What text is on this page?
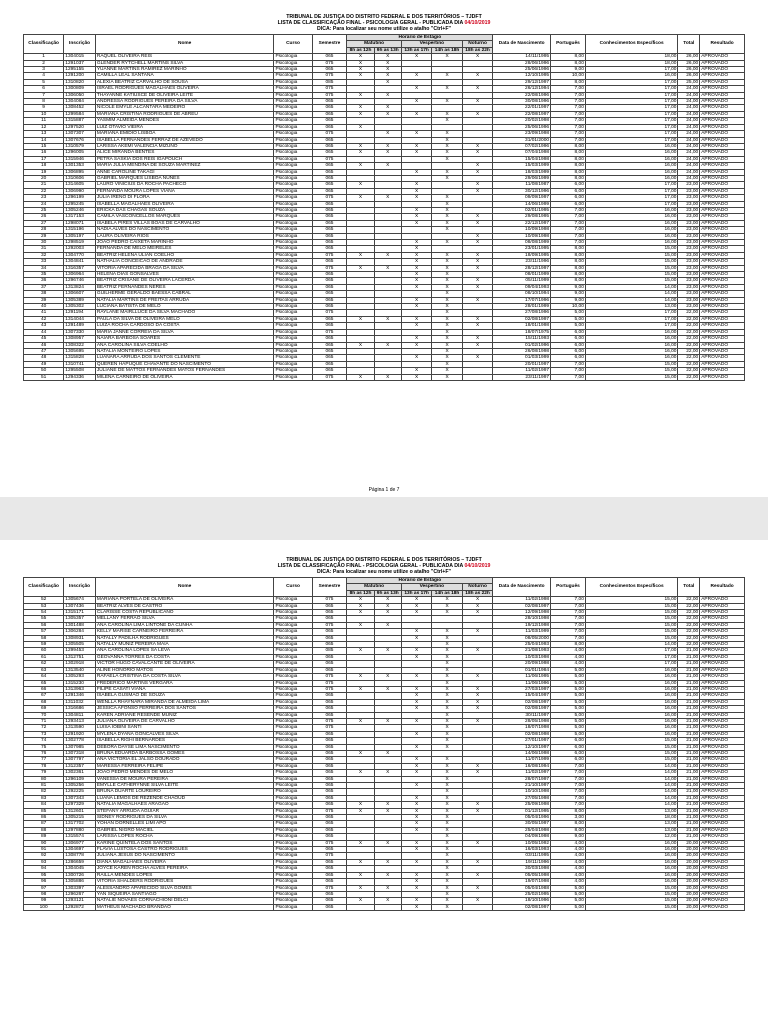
TRIBUNAL DE JUSTIÇA DO DISTRITO FEDERAL E DOS TERRITÓRIOS – TJDFT
LISTA DE CLASSIFICAÇÃO FINAL - PSICOLOGIA GERAL - PUBLICADA DIA 04/10/2019
DICA: Para localizar seu nome utilize o atalho "Ctrl+F"
Classificação	Inscrição	Nome	Curso	Semestre	Horário de Estágio					Data de Nascimento	Português	Conhecimentos Específicos	Total	Resultado
					Matutino		Vespertino		Noturno					
					8h as 12h	9h as 13h	13h as 17h	14h as 18h	18h as 22h					
1	1304015	RAQUEL OLIVEIRA REIS	Psicologia	065	X	X	X	X	X	14/11/1995	8,00	18,00	26,00	APROVADO
2	1291037	GLENDER RYTCHELL MARTINS SILVA	Psicologia	075	X	X				28/06/1996	8,00	18,00	26,00	APROVADO
3	1295155	YUANNE MARTINS RAMIREZ MARINHO	Psicologia	065	X	X				25/06/1996	9,00	17,00	26,00	APROVADO
4	1291200	CAMILLA LEAL SANTANA	Psicologia	075	X	X	X	X	X	12/10/1995	10,00	16,00	26,00	APROVADO
5	1310820	ALEXIA BEATRIZ CARVALHO DE SOUSA	Psicologia	085		X				29/12/1997	8,00	17,00	25,00	APROVADO
6	1300809	ISRAEL RODRIGUES MAGALHAES OLIVEIRA	Psicologia	075			X	X	X	26/12/1994	7,00	17,00	24,00	APROVADO
7	1306050	THAYANNE KATIUSCE DE OLIVEIRA LEITE	Psicologia	075	X	X				22/08/1996	7,00	17,00	24,00	APROVADO
8	1304084	ANDRESSA RODRIGUES PEREIRA DA SILVA	Psicologia	065			X	X	X	30/08/1996	7,00	17,00	24,00	APROVADO
9	1308452	NICOLE EMYLE ALCANTARA MEDEIRO	Psicologia	065	X	X				22/01/1997	7,00	17,00	24,00	APROVADO
10	1299584	MARIANA CRISTINA RODRIGUES DE ABREU	Psicologia	065	X	X	X	X	X	22/08/1997	7,00	17,00	24,00	APROVADO
11	1315887	YASMIM ALMEIDA MENDES	Psicologia	065				X		20/02/1998	7,00	17,00	24,00	APROVADO
12	1297520	LUIZ OTAVIO VIEIRA	Psicologia	065	X					25/06/1996	7,00	17,00	24,00	APROVADO
13	1307307	MARIANA EMIDIO LISBOA	Psicologia	075		X	X	X		23/09/1998	7,00	17,00	24,00	APROVADO
14	1307676	ISABELLA FERNANDES FERRAZ DE AZEVEDO	Psicologia	065				X		31/01/2000	7,00	17,00	24,00	APROVADO
15	1310579	LARISSA AKEMI VALENCIA MIZUNO	Psicologia	065	X	X	X	X	X	07/02/1996	8,00	16,00	24,00	APROVADO
16	1296005	ALICE MIRANDA BENTES	Psicologia	065	X	X	X	X	X	07/04/1998	8,00	16,00	24,00	APROVADO
17	1315946	PETRA SASKIA DOS REIS IGAPOUCH	Psicologia	075				X		15/04/1998	8,00	16,00	24,00	APROVADO
18	1301353	MARIA JULIA MENDINA DE SOUZA MARTINEZ	Psicologia	065	X	X			X	15/03/1999	8,00	16,00	24,00	APROVADO
19	1306895	ANNE CAROLINE TAKAGI	Psicologia	065			X	X	X	18/03/1999	8,00	16,00	24,00	APROVADO
20	1310606	GABRIEL MARQUES LISBOA NUNES	Psicologia	065				X		29/06/1999	8,00	16,00	24,00	APROVADO
21	1314605	LAURO VINICIUS DA ROCHA PACHECO	Psicologia	065	X		X		X	11/08/1987	6,00	17,00	23,00	APROVADO
22	1306990	FERNANDA MOURA LOPES VIANA	Psicologia	065			X		X	30/12/1996	6,00	17,00	23,00	APROVADO
23	1296199	JULIA IRENO DI FLORA	Psicologia	075	X	X	X	X		09/09/1997	6,00	17,00	23,00	APROVADO
24	1295245	ISABELLA MAGALHAES OLIVEIRA	Psicologia	065				X		14/06/1999	6,00	17,00	23,00	APROVADO
25	1305246	ERICKA DAS CHAGAS SOUZA	Psicologia	065			X	X		02/01/1995	7,00	16,00	23,00	APROVADO
26	1317153	CAMILA VASCONCELLOS MARQUES	Psicologia	065			X	X	X	29/08/1995	7,00	16,00	23,00	APROVADO
27	1298071	ISABELA PIRES VILLAS BOAS DE CARVALHO	Psicologia	065			X	X	X	22/12/1997	7,00	16,00	23,00	APROVADO
28	1315196	NADIA ALVES DO NASCIMENTO	Psicologia	065				X		10/09/1998	7,00	16,00	23,00	APROVADO
29	1305197	LAURA OLIVEIRA RIOS	Psicologia	065					X	10/09/1998	7,00	16,00	23,00	APROVADO
30	1298519	JOAO PEDRO CAIXETA MARINHO	Psicologia	065			X	X	X	08/08/1999	7,00	16,00	23,00	APROVADO
31	1292003	FERNANDA DE MELO MEIRELES	Psicologia	065			X			23/01/1995	8,00	15,00	23,00	APROVADO
32	1304770	BEATRIZ HELENA ULIAN COELHO	Psicologia	075	X	X	X	X	X	18/09/1995	8,00	15,00	23,00	APROVADO
33	1304841	NATHALIA CONCEICAO DE ANDRADE	Psicologia	065			X	X	X	23/11/1996	8,00	15,00	23,00	APROVADO
34	1316357	VITORIA APARECIDA BRAGA DA SILVA	Psicologia	075	X	X	X	X	X	28/12/1997	8,00	15,00	23,00	APROVADO
35	1306964	HELENA DIAS GONSALVES	Psicologia	065			X	X		08/01/1999	8,00	15,00	23,00	APROVADO
36	1296746	BEATRIZ CRISANE DE OLIVEIRA LACERDA	Psicologia	065			X	X	X	05/11/1999	8,00	15,00	23,00	APROVADO
37	1313824	BEATRIZ FERNANDES NERES	Psicologia	065			X	X	X	09/04/1993	9,00	14,00	23,00	APROVADO
38	1306607	GUILHERME GERALDO BAESSA CABRAL	Psicologia	065				X		08/10/1994	9,00	14,00	23,00	APROVADO
39	1305389	NATALIA MARTINS DE FREITAS ARRUDA	Psicologia	065			X	X	X	17/07/1996	9,00	14,00	23,00	APROVADO
40	1305302	LUCIANA BATISTA DE MELO	Psicologia	065			X	X		28/01/1999	10,00	13,00	23,00	APROVADO
41	1291194	RAYLANE MAIRLLUCE DA SILVA MACHADO	Psicologia	075				X		27/08/1996	5,00	17,00	22,00	APROVADO
42	1314044	PAULA DA SILVA DE OLIVEIRA MELO	Psicologia	065	X	X	X	X	X	02/08/1997	5,00	17,00	22,00	APROVADO
43	1291489	LUIZA ROCHA CARDOSO DA COSTA	Psicologia	065			X	X	X	18/01/1998	5,00	17,00	22,00	APROVADO
44	1307330	MARIA JANNE CORREIA DA SILVA	Psicologia	075				X		18/07/1975	6,00	16,00	22,00	APROVADO
45	1308957	NAIARA BARBOSA SOARES	Psicologia	065			X	X	X	15/11/1993	6,00	16,00	22,00	APROVADO
46	1308322	ANA CAROLINA SILVA COELHO	Psicologia	065	X	X	X	X	X	01/02/1996	6,00	16,00	22,00	APROVADO
47	1305695	NATALIA MONTEIRO LOPES	Psicologia	065				X		26/08/1998	6,00	16,00	22,00	APROVADO
48	1315828	LUANARA ARRUDA DOS SANTOS CLEMENTE	Psicologia	065			X	X	X	01/03/1999	6,00	16,00	22,00	APROVADO
49	1310741	QUEREN HAPUQUE CHAVANTE DO NASCIMENTO	Psicologia	065				X		20/01/1997	7,00	15,00	22,00	APROVADO
50	1295508	JULIANE DE MATTOS FERNANDES MATOS FERNANDES	Psicologia	065			X	X		11/02/1997	7,00	15,00	22,00	APROVADO
51	1294336	MILENA CARNEIRO DE OLIVEIRA	Psicologia	075	X	X	X	X		23/11/1997	7,00	15,00	22,00	APROVADO
Página 1 de 7
TRIBUNAL DE JUSTIÇA DO DISTRITO FEDERAL E DOS TERRITÓRIOS – TJDFT
LISTA DE CLASSIFICAÇÃO FINAL - PSICOLOGIA GERAL - PUBLICADA DIA 04/10/2019
DICA: Para localizar seu nome utilize o atalho "Ctrl+F"
Classificação	Inscrição	Nome	Curso	Semestre	Horário de Estágio					Data de Nascimento	Português	Conhecimentos Específicos	Total	Resultado
					Matutino		Vespertino		Noturno					
					8h as 12h	9h as 13h	13h as 17h	14h as 18h	18h as 22h					
52	1305674	MARIANA PORTELA DE OLIVEIRA	Psicologia	075	X	X	X	X	X	11/02/1998	7,00	15,00	22,00	APROVADO
53	1307436	BEATRIZ ALVES DE CASTRO	Psicologia	065	X	X	X	X	X	02/08/1997	7,00	15,00	22,00	APROVADO
54	1315171	CLARISSE COSTA REPUBLICANO	Psicologia	065	X	X	X	X	X	12/09/1998	7,00	15,00	22,00	APROVADO
55	1305357	MELLANY FERRAO SILVA	Psicologia	065						28/10/1998	7,00	15,00	22,00	APROVADO
56	1301488	ANA CAROLINA LIMA LINTONE DA CUNHA	Psicologia	075	X	X				19/12/1998	7,00	15,00	22,00	APROVADO
57	1306284	KELLY MARISE CARNEIRO FERREIRA	Psicologia	065			X	X	X	11/03/1999	7,00	15,00	22,00	APROVADO
58	1308931	NATALLY PADILHA RODRIGUES	Psicologia	065			X	X		08/05/2000	7,00	15,00	22,00	APROVADO
59	1305505	NATALLY MUNIZ PEREIRA MAIA	Psicologia	065				X		25/04/1993	8,00	14,00	22,00	APROVADO
60	1299453	ANA CAROLINA LOPES SA LEVA	Psicologia	085	X	X	X	X	X	21/08/1993	4,00	17,00	21,00	APROVADO
61	1312751	GEOVANNA TORRES DA COSTA	Psicologia	065			X	X		10/03/1998	4,00	17,00	21,00	APROVADO
62	1302918	VICTOR HUGO CAVALCANTE DE OLIVEIRA	Psicologia	065				X		20/09/1998	4,00	17,00	21,00	APROVADO
63	1313540	ALINE HONORIO MATOS	Psicologia	065				X		01/01/1984	5,00	16,00	21,00	APROVADO
64	1305293	RAFAELA CRISTINA DA COSTA SILVA	Psicologia	075	X	X	X	X	X	11/06/1995	5,00	16,00	21,00	APROVADO
65	1315230	FREDERICO MARTINS VERGARA	Psicologia	075				X		11/06/1996	5,00	16,00	21,00	APROVADO
66	1313963	FILIPE CASATI VIANA	Psicologia	075	X	X	X	X	X	27/03/1997	5,00	16,00	21,00	APROVADO
67	1291346	ISABELA GUSMAO DE SOUZA	Psicologia	065			X	X	X	15/04/1997	5,00	16,00	21,00	APROVADO
68	1311032	WENLLA RHAYNARA MIRANDA DE ALMEIDA LIMA	Psicologia	065			X	X	X	02/08/1997	5,00	16,00	21,00	APROVADO
69	1316686	JESSICA AFONSO FERREIRA DOS SANTOS	Psicologia	065			X	X	X	02/08/1997	5,00	16,00	21,00	APROVADO
70	1304811	KAREN ADRIANE RESENDE MUNIZ	Psicologia	065				X		30/11/1997	5,00	16,00	21,00	APROVADO
71	1293413	JULIANA OLIVEIRA DE CARVALHO	Psicologia	075	X	X	X	X	X	28/05/1998	5,00	16,00	21,00	APROVADO
72	1313590	LUISA IOBINI SANTI	Psicologia	075				X		18/07/1998	5,00	16,00	21,00	APROVADO
73	1291920	MYLENA DYANA GONCALVES SILVA	Psicologia	065			X	X		02/08/1998	5,00	16,00	21,00	APROVADO
74	1302778	ISABELLA RIGHI BERNARDES	Psicologia	065				X		27/01/1997	6,00	15,00	21,00	APROVADO
75	1307985	DEBORA DAYSE LIMA NASCIMENTO	Psicologia	065			X	X		12/10/1997	6,00	15,00	21,00	APROVADO
76	1307318	BRUNA EDUARDA BARBOSSA GOMES	Psicologia	065	X	X				14/06/1998	6,00	15,00	21,00	APROVADO
77	1307797	ANA VICTORIA EL JALSO DOURADO	Psicologia	065			X	X		11/07/1999	6,00	15,00	21,00	APROVADO
78	1312357	MARESSA FERREIRA FELIPE	Psicologia	065			X	X	X	16/08/1994	7,00	14,00	21,00	APROVADO
79	1302361	JOAO PEDRO MENDES DE MELO	Psicologia	065	X	X	X	X	X	11/02/1997	7,00	14,00	21,00	APROVADO
80	1296109	VANESSA DE MOURA PEREIRA	Psicologia	065				X		28/07/1997	7,00	14,00	21,00	APROVADO
81	1305256	EMYLLE CATHERYNNE SILVA LEITE	Psicologia	065			X	X		21/10/1997	7,00	14,00	21,00	APROVADO
82	1292225	BRUNA DUARTE LOUREIRO	Psicologia	065				X		10/10/1998	7,00	14,00	21,00	APROVADO
83	1307343	LUANA LEMOS DE REZENDE CHAOUD	Psicologia	065			X	X		27/05/1998	7,00	14,00	21,00	APROVADO
84	1297329	NATALIA MAGALHAES ARAGAO	Psicologia	065	X	X	X	X	X	25/09/1998	7,00	14,00	21,00	APROVADO
85	1312601	STEFANY ARRUDA AGUIAR	Psicologia	075	X	X	X	X	X	01/12/1995	8,00	13,00	21,00	APROVADO
86	1305215	SIDNEY RODRIGUES DA SILVA	Psicologia	065			X	X		05/04/1996	3,00	18,00	21,00	APROVADO
87	1317702	YOHAN DORNELLES LIMI APO	Psicologia	065			X	X		30/05/1997	8,00	13,00	21,00	APROVADO
88	1297880	GABRIEL NIGRO MACIEL	Psicologia	065			X	X		25/04/1998	8,00	13,00	21,00	APROVADO
89	1315574	LARISSA LOPES ROCHA	Psicologia	065				X		04/09/1998	9,00	12,00	21,00	APROVADO
90	1306977	KARINE QUINTELA DOS SANTOS	Psicologia	075	X	X	X	X	X	10/05/1992	4,00	16,00	20,00	APROVADO
91	1304697	FLAVIA LUSTOSA CASTRO RODRIGUES	Psicologia	065			X	X		16/03/1993	4,00	16,00	20,00	APROVADO
92	1308778	JULIANA JESUS DO NASCIMENTO	Psicologia	075				X		03/11/1995	4,00	16,00	20,00	APROVADO
93	1286659	DIANA MAGALHAES OLIVEIRA	Psicologia	065	X	X	X	X	X	19/11/1996	4,00	16,00	20,00	APROVADO
94	1304045	JOYCE KAREN ROCHA ALVES PEREIRA	Psicologia	065				X		30/03/1998	4,00	16,00	20,00	APROVADO
95	1300726	RAILLA MENDES LOPES	Psicologia	065	X	X	X	X	X	05/05/1998	4,00	16,00	20,00	APROVADO
96	1305886	VITORIA SHALDERS RODRIGUES	Psicologia	065			X	X		19/07/1998	4,00	16,00	20,00	APROVADO
97	1303397	ALESSANDRO APARECIDO SILVA GOMES	Psicologia	075	X	X	X	X	X	05/04/1988	5,00	15,00	20,00	APROVADO
98	1296267	YAN SIQUEIRA SANTIAGO	Psicologia	065				X		25/02/1995	5,00	15,00	20,00	APROVADO
99	1293121	NATALIE NOVAES CORNACHIONI DELCI	Psicologia	065	X	X	X	X	X	18/10/1996	5,00	15,00	20,00	APROVADO
100	1292872	MATHEUS MACHADO BRANDAO	Psicologia	065			X	X		02/08/1997	5,00	15,00	20,00	APROVADO
